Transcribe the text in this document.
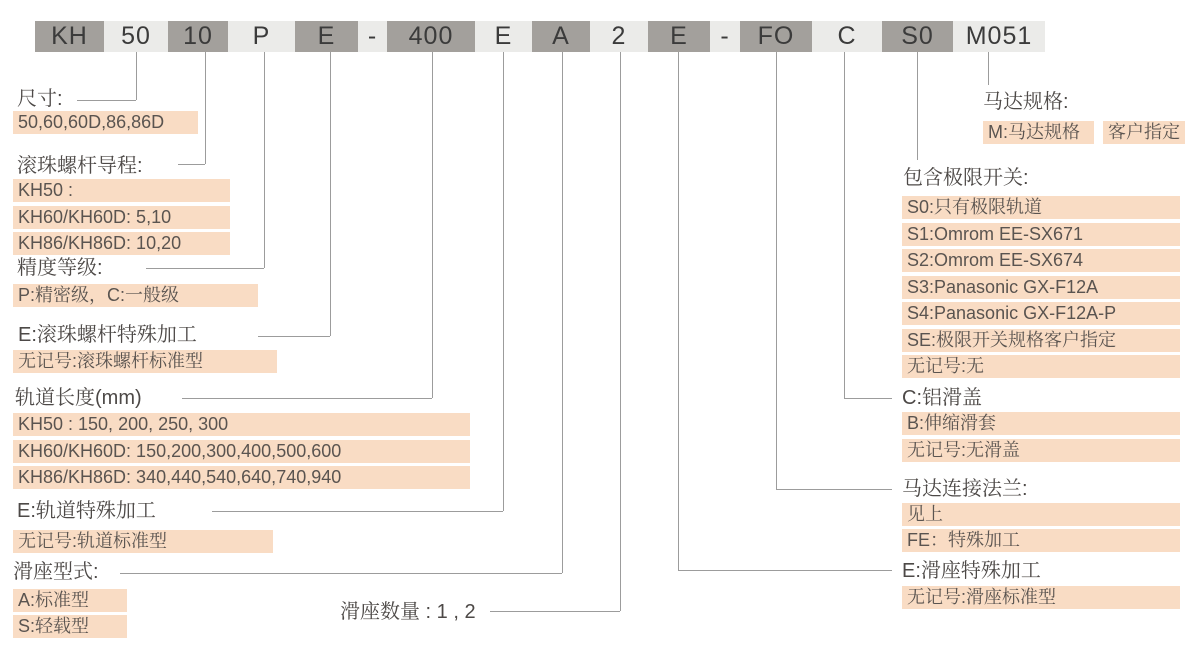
KH	50	10	P	E	-	400	E	A	2	E	-	FO	C	S0	M051
尺寸:
50,60,60D,86,86D
滚珠螺杆导程:
KH50 :
KH60/KH60D: 5,10
KH86/KH86D: 10,20
精度等级:
P:精密级，C:一般级
E:滚珠螺杆特殊加工
无记号:滚珠螺杆标准型
轨道长度(mm)
KH50 : 150, 200, 250, 300
KH60/KH60D: 150,200,300,400,500,600
KH86/KH86D: 340,440,540,640,740,940
E:轨道特殊加工
无记号:轨道标准型
滑座型式:
A:标准型
S:轻载型
滑座数量 : 1 , 2
马达规格:
M:马达规格	客户指定
包含极限开关:
S0:只有极限轨道
S1:Omrom EE-SX671
S2:Omrom EE-SX674
S3:Panasonic GX-F12A
S4:Panasonic GX-F12A-P
SE:极限开关规格客户指定
无记号:无
C:铝滑盖
B:伸缩滑套
无记号:无滑盖
马达连接法兰:
见上
FE：特殊加工
E:滑座特殊加工
无记号:滑座标准型
